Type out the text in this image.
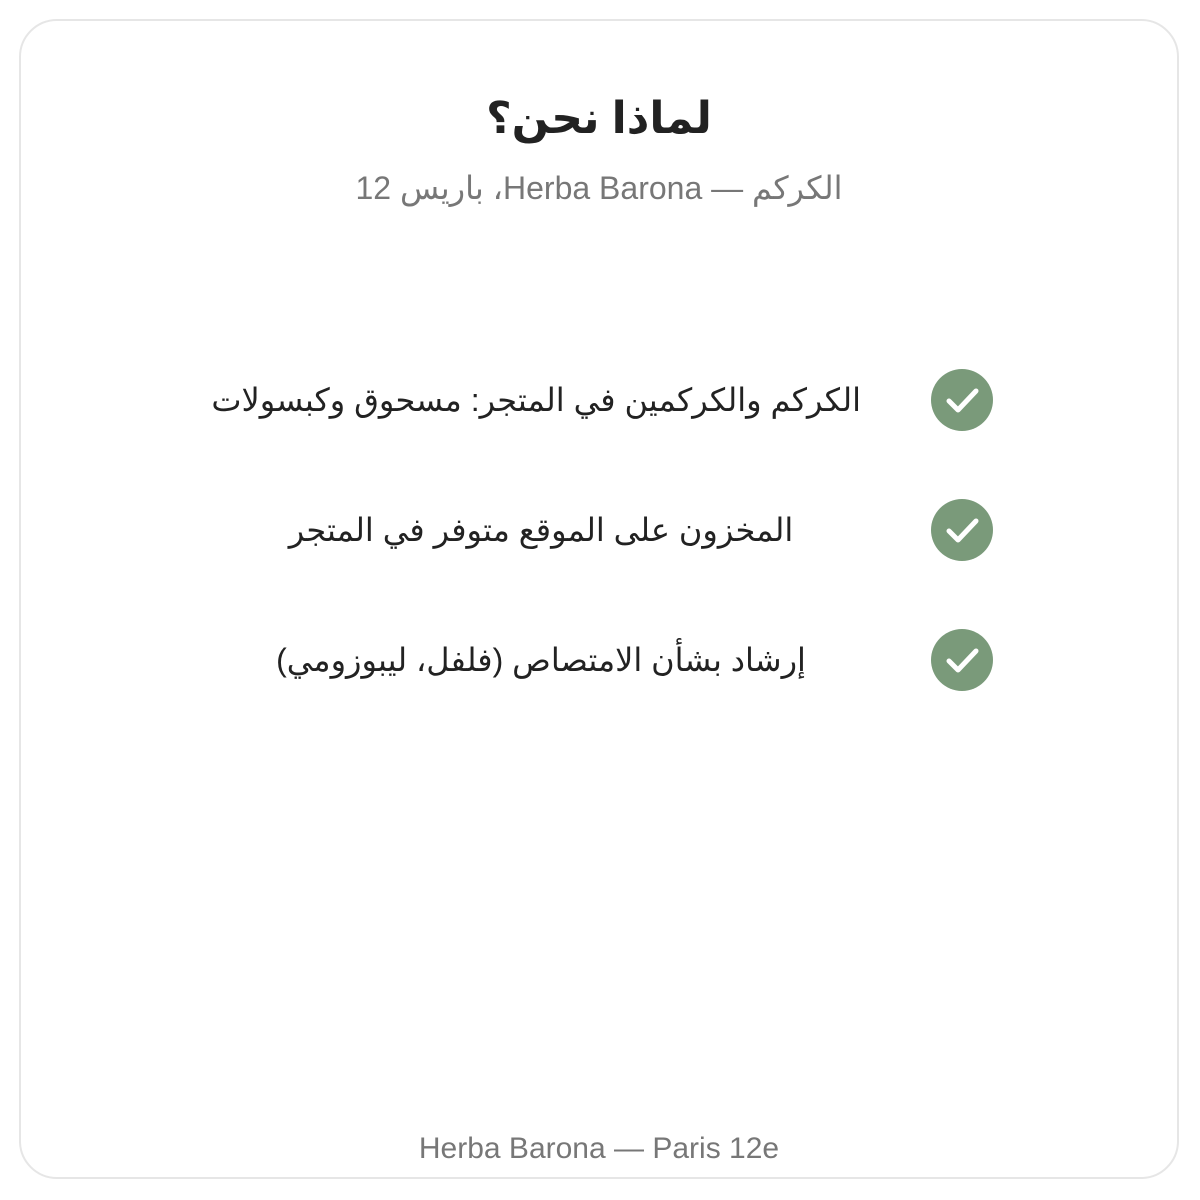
لماذا نحن؟
الكركم — Herba Barona، باريس 12
الكركم والكركمين في المتجر: مسحوق وكبسولات
المخزون على الموقع متوفر في المتجر
إرشاد بشأن الامتصاص (فلفل، ليبوزومي)
Herba Barona — Paris 12e
